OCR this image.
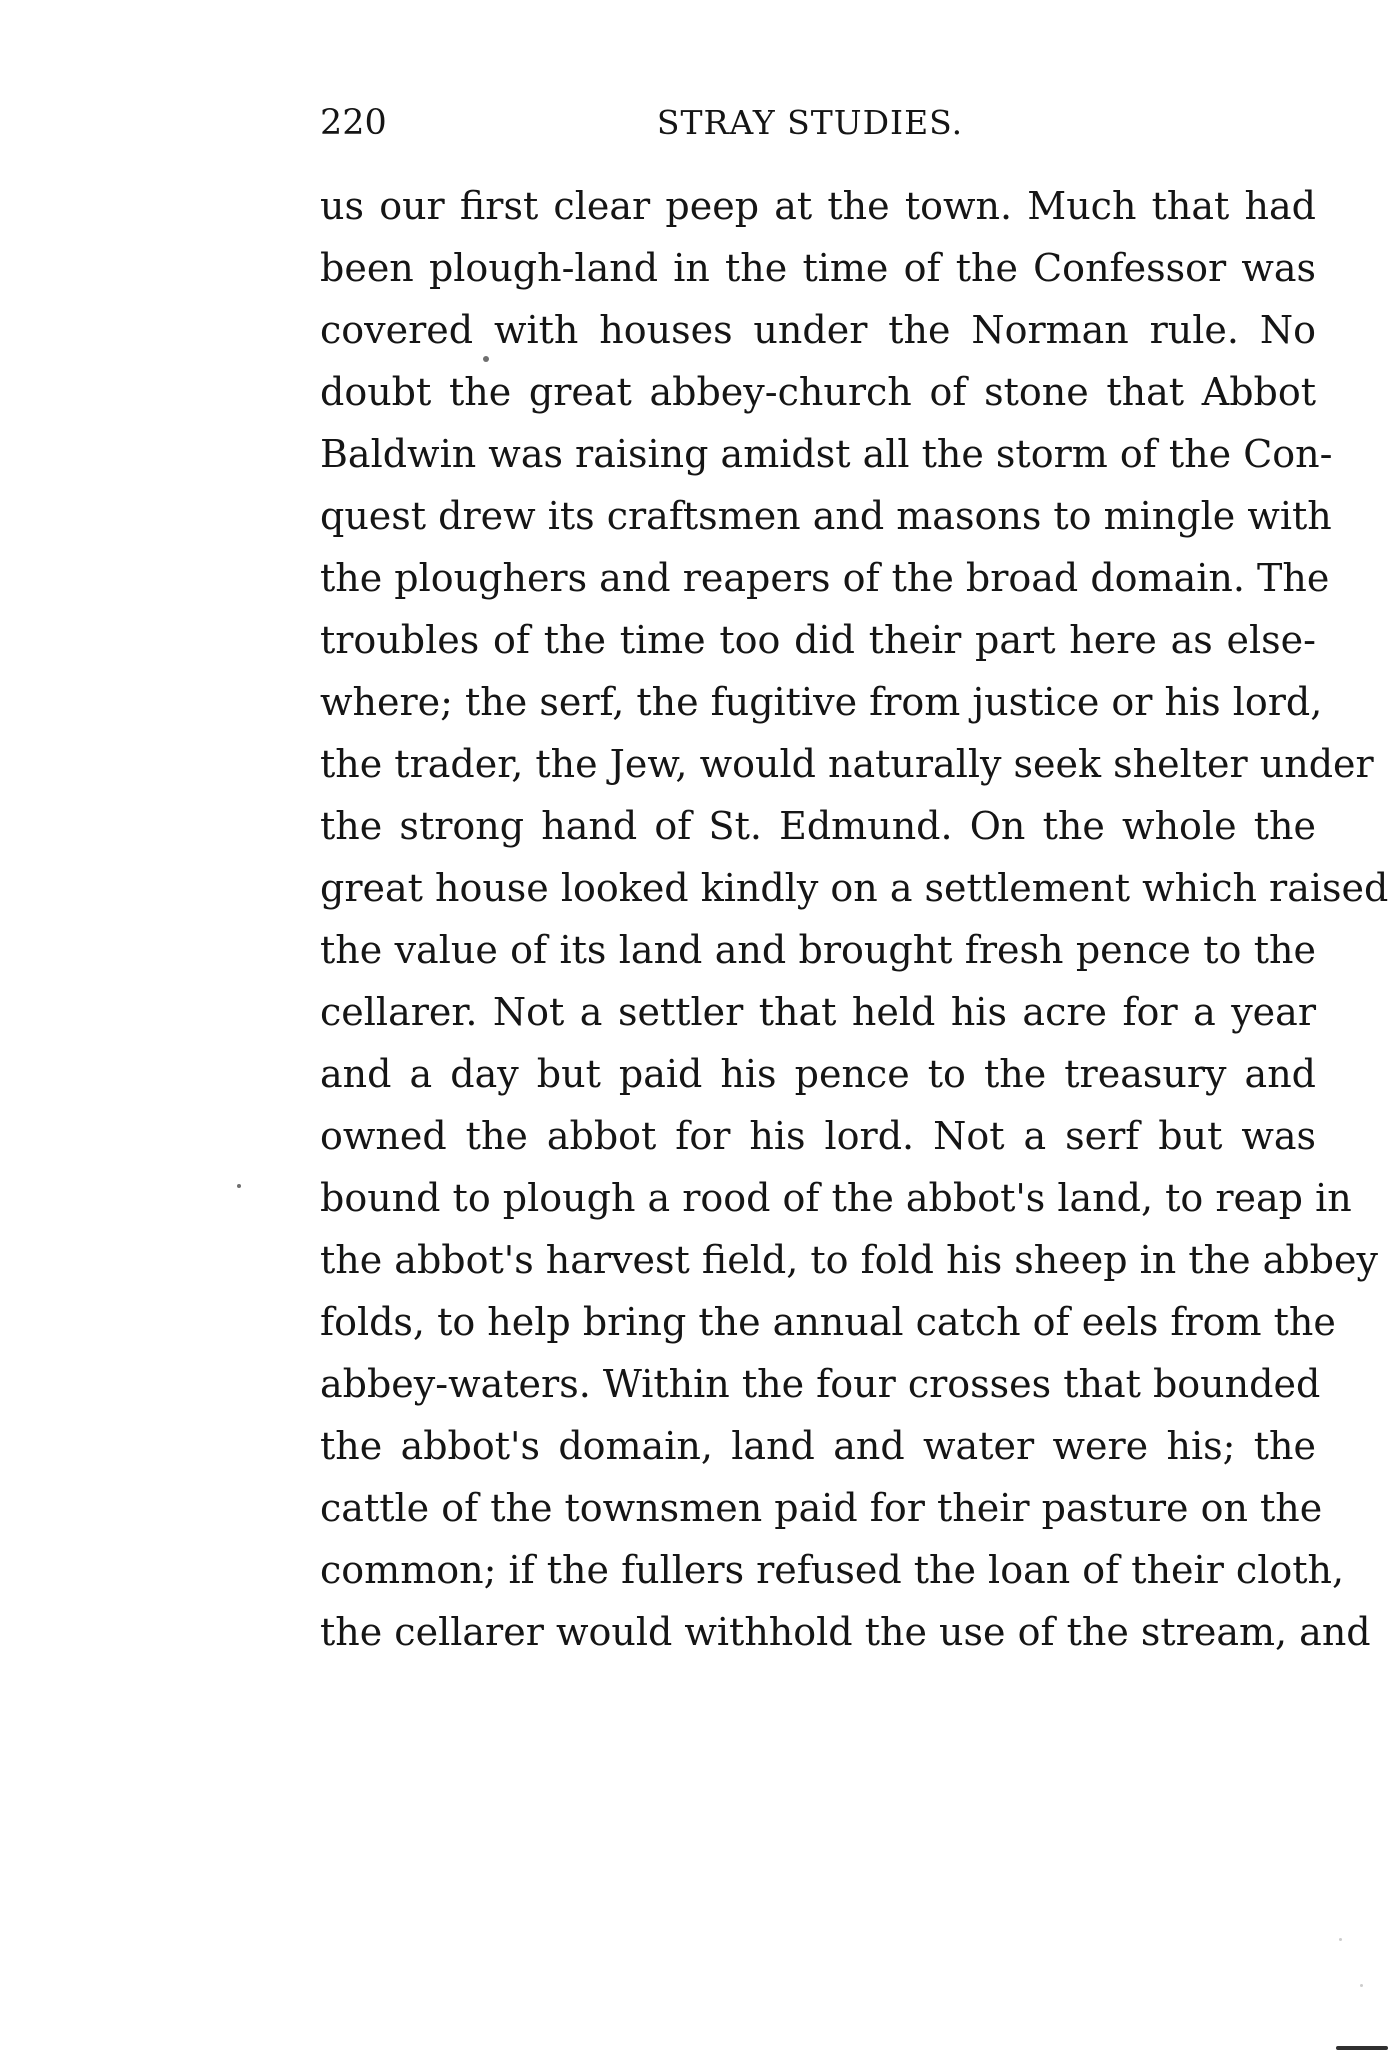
220	STRAY STUDIES.
us our first clear peep at the town. Much that had
been plough-land in the time of the Confessor was
covered with houses under the Norman rule. No
doubt the great abbey-church of stone that Abbot
Baldwin was raising amidst all the storm of the Con-
quest drew its craftsmen and masons to mingle with
the ploughers and reapers of the broad domain. The
troubles of the time too did their part here as else-
where; the serf, the fugitive from justice or his lord,
the trader, the Jew, would naturally seek shelter under
the strong hand of St. Edmund. On the whole the
great house looked kindly on a settlement which raised
the value of its land and brought fresh pence to the
cellarer. Not a settler that held his acre for a year
and a day but paid his pence to the treasury and
owned the abbot for his lord. Not a serf but was
bound to plough a rood of the abbot's land, to reap in
the abbot's harvest field, to fold his sheep in the abbey
folds, to help bring the annual catch of eels from the
abbey-waters. Within the four crosses that bounded
the abbot's domain, land and water were his; the
cattle of the townsmen paid for their pasture on the
common; if the fullers refused the loan of their cloth,
the cellarer would withhold the use of the stream, and
